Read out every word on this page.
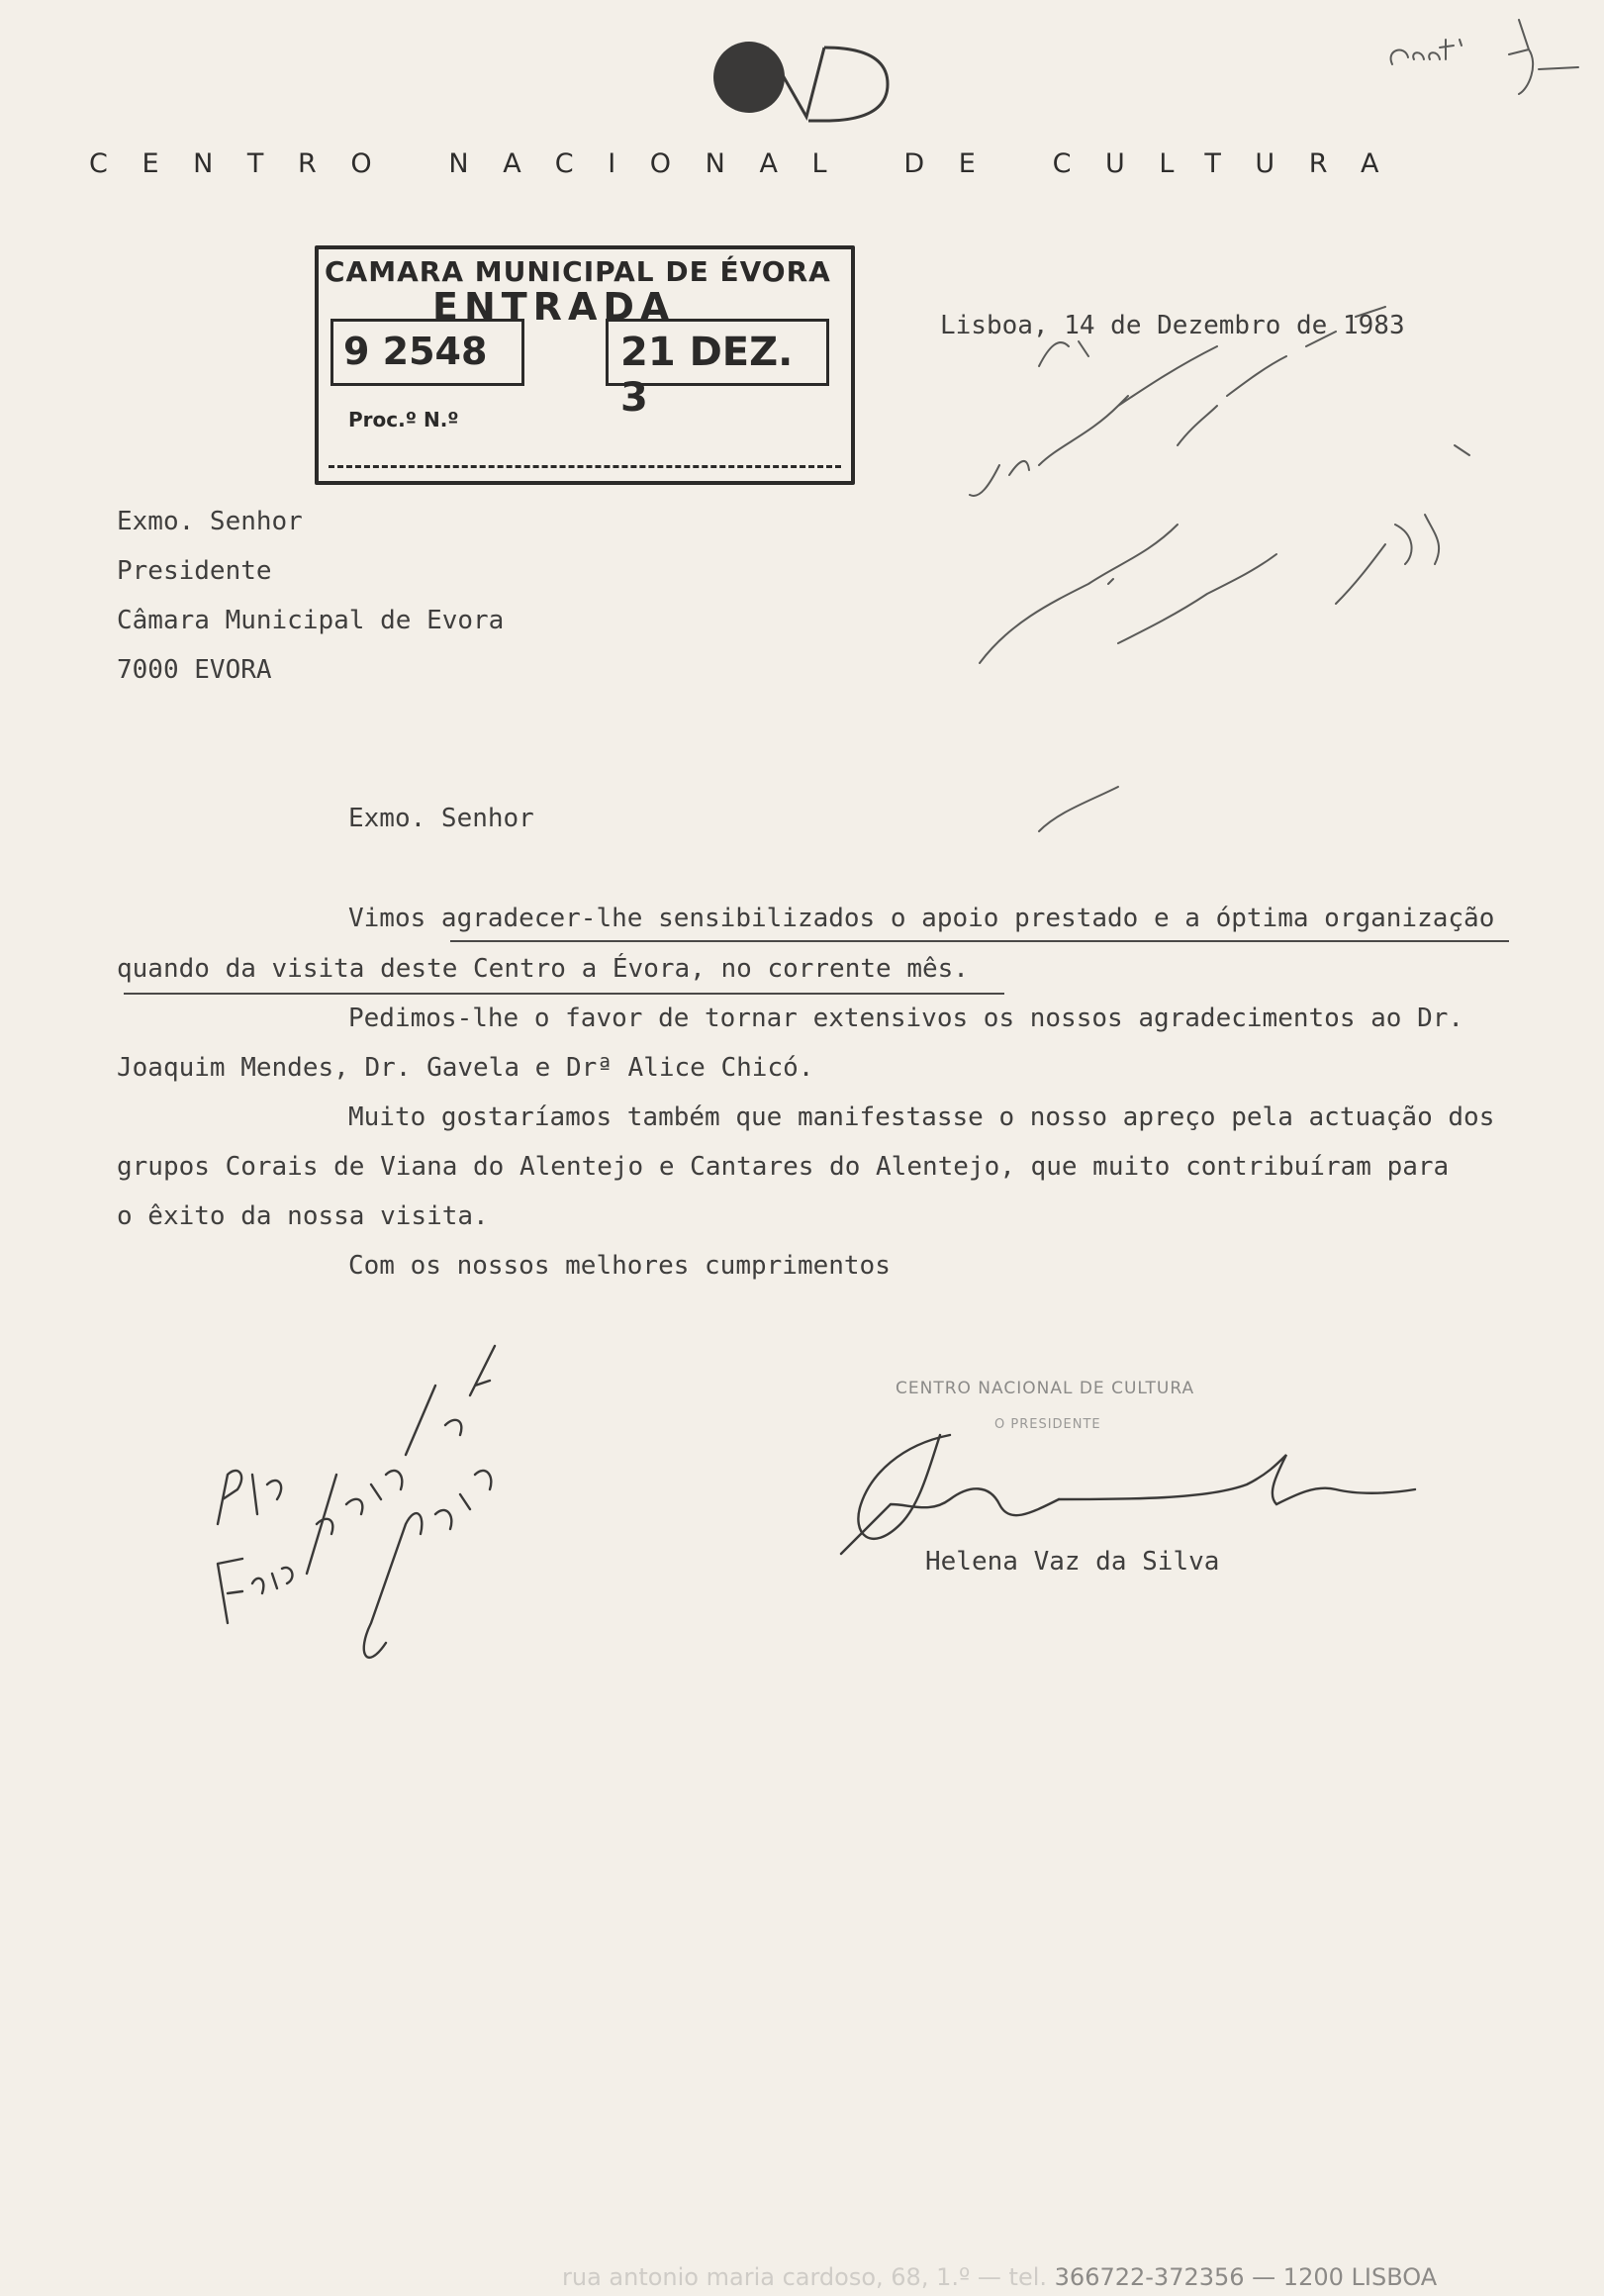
CENTRO NACIONAL DE CULTURA
CAMARA MUNICIPAL DE ÉVORA
ENTRADA
9 2548	21 DEZ. 3
Proc.º N.º
Lisboa, 14 de Dezembro de 1983
Exmo. Senhor
Presidente
Câmara Municipal de Evora
7000 EVORA
Exmo. Senhor
Vimos agradecer-lhe sensibilizados o apoio prestado e a óptima organização
quando da visita deste Centro a Évora, no corrente mês.
Pedimos-lhe o favor de tornar extensivos os nossos agradecimentos ao Dr.
Joaquim Mendes, Dr. Gavela e Drª Alice Chicó.
Muito gostaríamos também que manifestasse o nosso apreço pela actuação dos
grupos Corais de Viana do Alentejo e Cantares do Alentejo, que muito contribuíram para
o êxito da nossa visita.
Com os nossos melhores cumprimentos
CENTRO NACIONAL DE CULTURA
O PRESIDENTE
Helena Vaz da Silva
rua antonio maria cardoso, 68, 1.º — tel. 366722-372356 — 1200 LISBOA
